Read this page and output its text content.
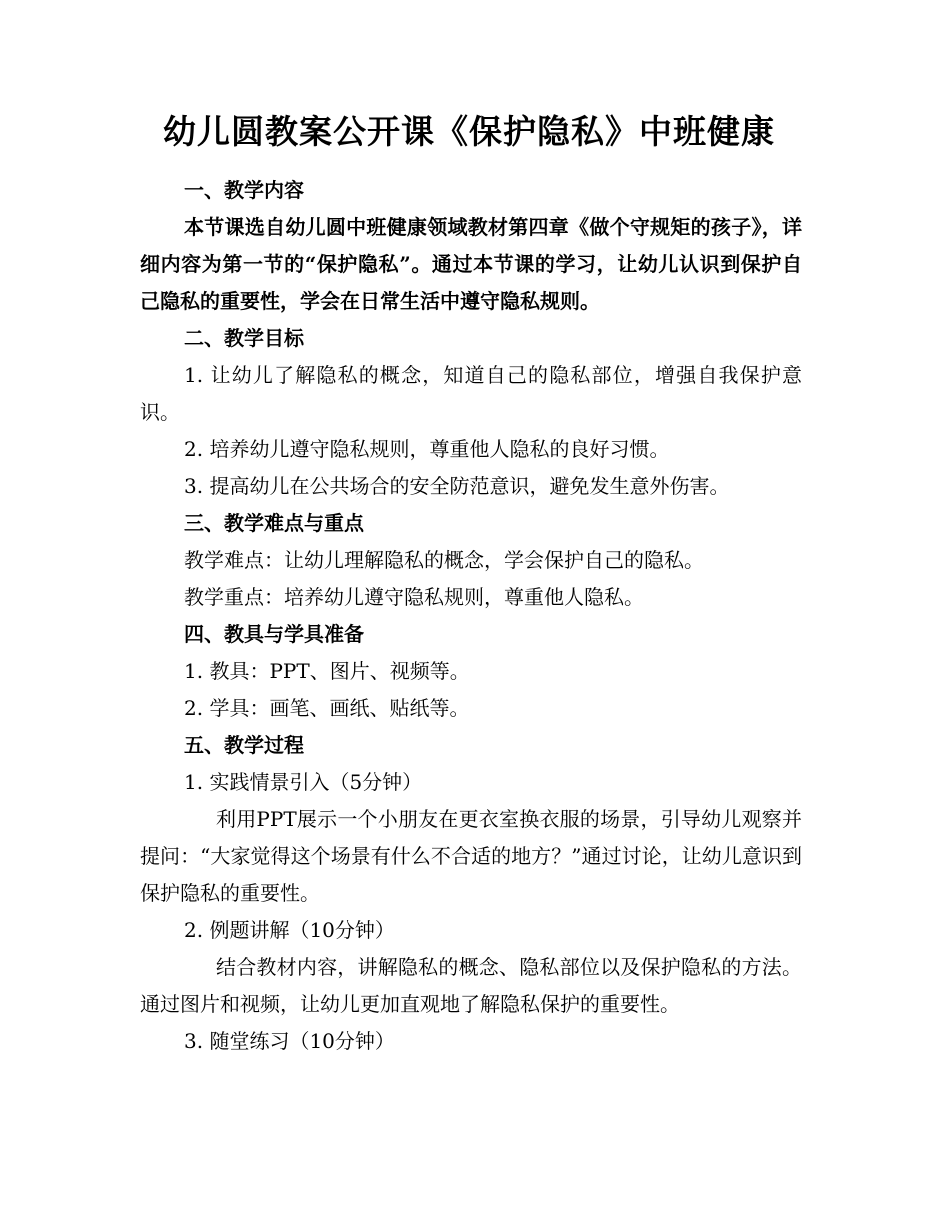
幼儿圆教案公开课《保护隐私》中班健康

一、教学内容

本节课选自幼儿圆中班健康领域教材第四章《做个守规矩的孩子》，详细内容为第一节的“保护隐私”。通过本节课的学习，让幼儿认识到保护自己隐私的重要性，学会在日常生活中遵守隐私规则。

二、教学目标

1. 让幼儿了解隐私的概念，知道自己的隐私部位，增强自我保护意识。

2. 培养幼儿遵守隐私规则，尊重他人隐私的良好习惯。

3. 提高幼儿在公共场合的安全防范意识，避免发生意外伤害。

三、教学难点与重点

教学难点：让幼儿理解隐私的概念，学会保护自己的隐私。

教学重点：培养幼儿遵守隐私规则，尊重他人隐私。

四、教具与学具准备

1. 教具：PPT、图片、视频等。

2. 学具：画笔、画纸、贴纸等。

五、教学过程

1. 实践情景引入（5分钟）

利用PPT展示一个小朋友在更衣室换衣服的场景，引导幼儿观察并提问：“大家觉得这个场景有什么不合适的地方？”通过讨论，让幼儿意识到保护隐私的重要性。

2. 例题讲解（10分钟）

结合教材内容，讲解隐私的概念、隐私部位以及保护隐私的方法。通过图片和视频，让幼儿更加直观地了解隐私保护的重要性。

3. 随堂练习（10分钟）
